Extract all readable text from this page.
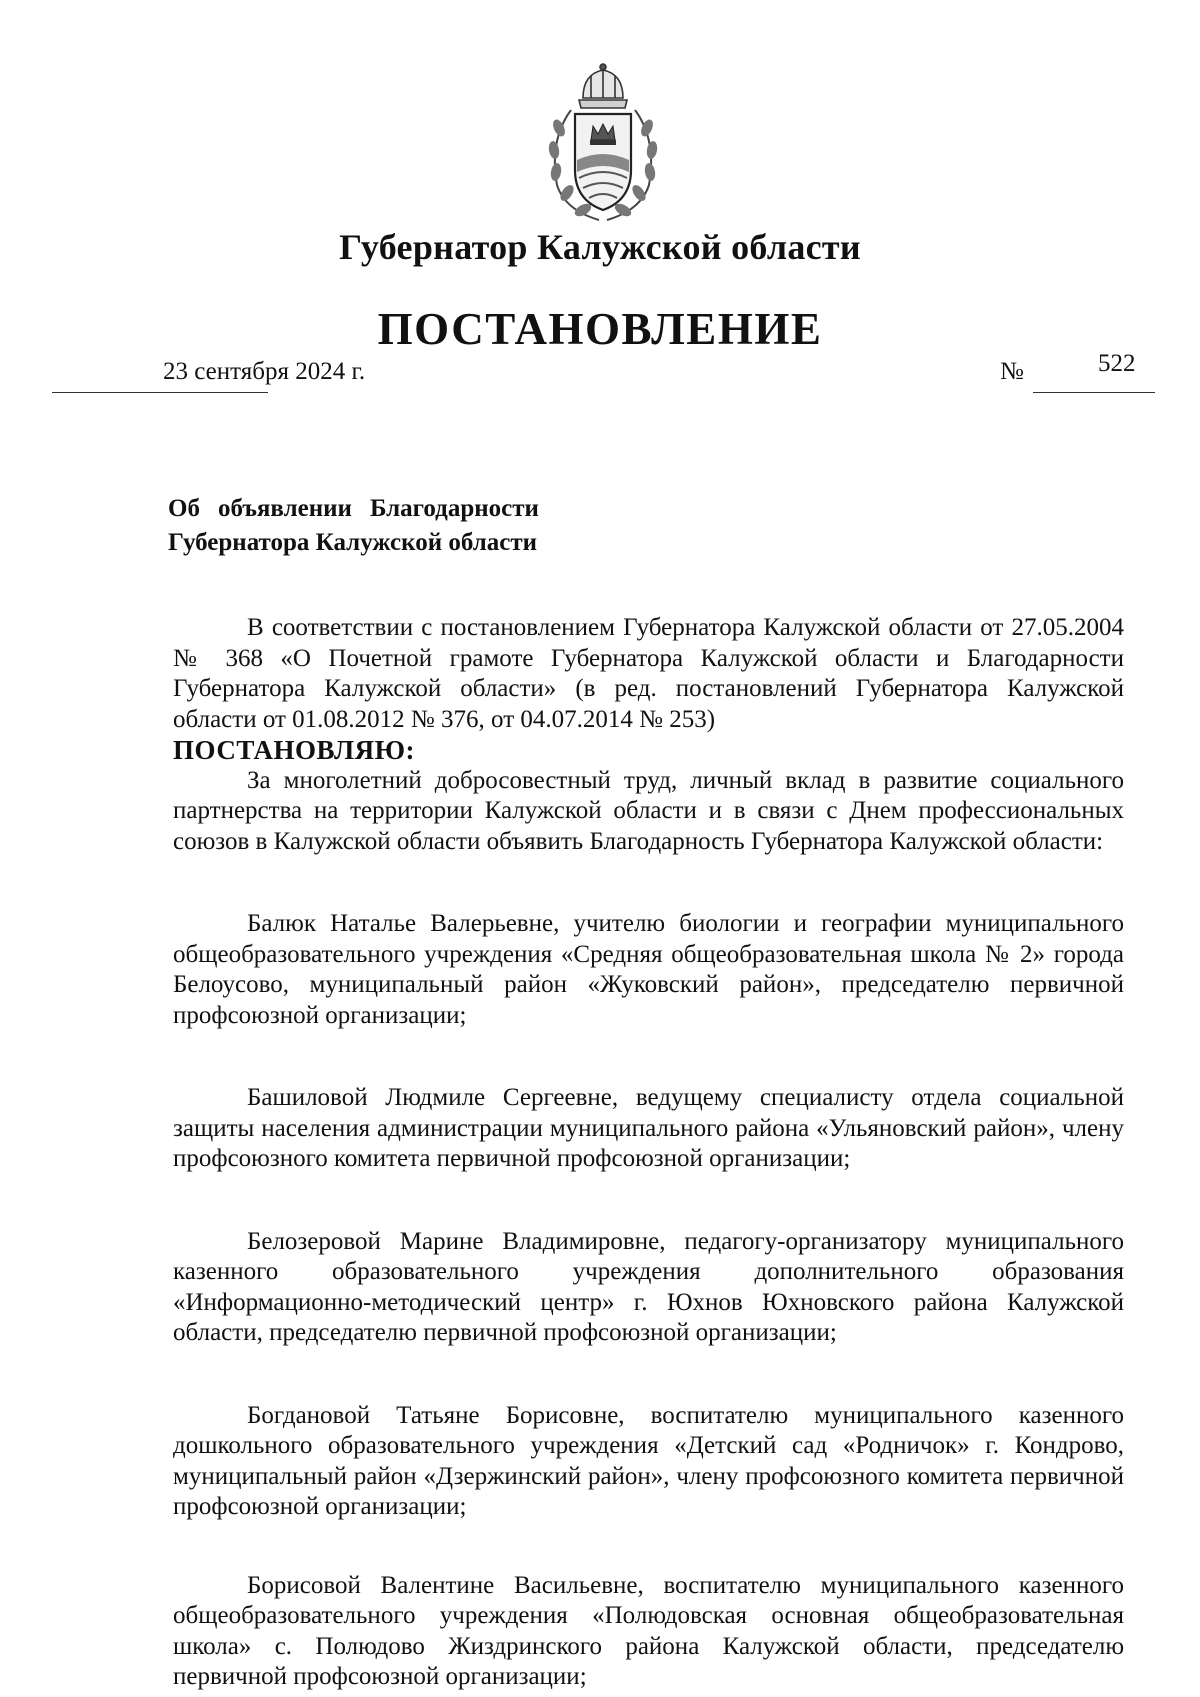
Губернатор Калужской области
ПОСТАНОВЛЕНИЕ
23 сентября 2024 г.	№	522
Об объявлении Благодарности
Губернатора Калужской области

В соответствии с постановлением Губернатора Калужской области от 27.05.2004 № 368 «О Почетной грамоте Губернатора Калужской области и Благодарности Губернатора Калужской области» (в ред. постановлений Губернатора Калужской области от 01.08.2012 № 376, от 04.07.2014 № 253)

ПОСТАНОВЛЯЮ:

За многолетний добросовестный труд, личный вклад в развитие социального партнерства на территории Калужской области и в связи с Днем профессиональных союзов в Калужской области объявить Благодарность Губернатора Калужской области:

Балюк Наталье Валерьевне, учителю биологии и географии муниципального общеобразовательного учреждения «Средняя общеобразовательная школа № 2» города Белоусово, муниципальный район «Жуковский район», председателю первичной профсоюзной организации;

Башиловой Людмиле Сергеевне, ведущему специалисту отдела социальной защиты населения администрации муниципального района «Ульяновский район», члену профсоюзного комитета первичной профсоюзной организации;

Белозеровой Марине Владимировне, педагогу-организатору муниципального казенного образовательного учреждения дополнительного образования «Информационно-методический центр» г. Юхнов Юхновского района Калужской области, председателю первичной профсоюзной организации;

Богдановой Татьяне Борисовне, воспитателю муниципального казенного дошкольного образовательного учреждения «Детский сад «Родничок» г. Кондрово, муниципальный район «Дзержинский район», члену профсоюзного комитета первичной профсоюзной организации;

Борисовой Валентине Васильевне, воспитателю муниципального казенного общеобразовательного учреждения «Полюдовская основная общеобразовательная школа» с. Полюдово Жиздринского района Калужской области, председателю первичной профсоюзной организации;
